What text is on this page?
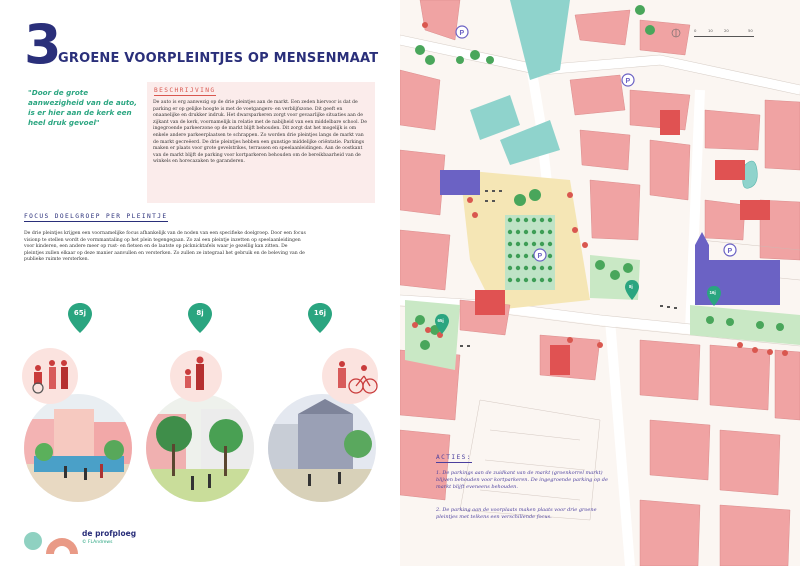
3
GROENE VOORPLEINTJES OP MENSENMAAT
"Door de grote aanwezigheid van de auto, is er hier aan de kerk een heel druk gevoel"
BESCHRIJVING
De auto is erg aanwezig op de drie pleintjes aan de markt. Een zeden hiervoor is dat de parking er op gelijke hoogte is met de voetgangers- en verblijfszone. Dit geeft en onaanelijke en drukker indruk. Het dwarsparkeren zorgt voor gevaarlijke situaties aan de zijkant van de kerk, voornamelijk in relatie met de nabijheid van een middelbare school. De ingegroende parkeerzone op de markt blijft behouden. Dit zorgt dat het mogelijk is om enkele andere parkeerplaatsen te schrappen. Zo worden drie pleintjes langs de markt van de markt gecreëerd. De drie pleintjes hebben een gunstige middelijke oriëntatie. Parkings maken er plaats voor grote gevelstrikes, terrassen en speelaanleidingen. Aan de oostkant van de markt blijft de parking voor kortparkeren behouden om de bereikbaarheid van de winkels en horecazaken te garanderen.
FOCUS DOELGROEP PER PLEINTJE
De drie pleintjes krijgen een voornamelijke focus afhankelijk van de noden van een specifieke doelgroep. Door een focus visionp te stellen wordt de vormmantaling op het plein tegengegaan. Zo zal een pleintje inzetten op speelaanleidingen voor kinderen, een andere meer op rust- en fietsen en de laatste op picknicktafels waar je gezellig kan zitten. De pleintjes zullen elkaar op deze manier aanvullen en versterken. Zo zullen ze integraal het gebruik en de beleving van de publieke ruimte versterken.
65j	8j	16j
de profploeg
© FLAndrews
P
P
P
P
65j
8j
16j
0	10	20	50
ACTIES:
1. De parkings aan de zuidkant van de markt (groenkorrel markt) blijven behouden voor kortparkeren. De ingegroende parking op de markt blijft eveneens behouden.
2. De parking aan de voorplaats maken plaats voor drie groene pleintjes met telkens een verschillende focus.
